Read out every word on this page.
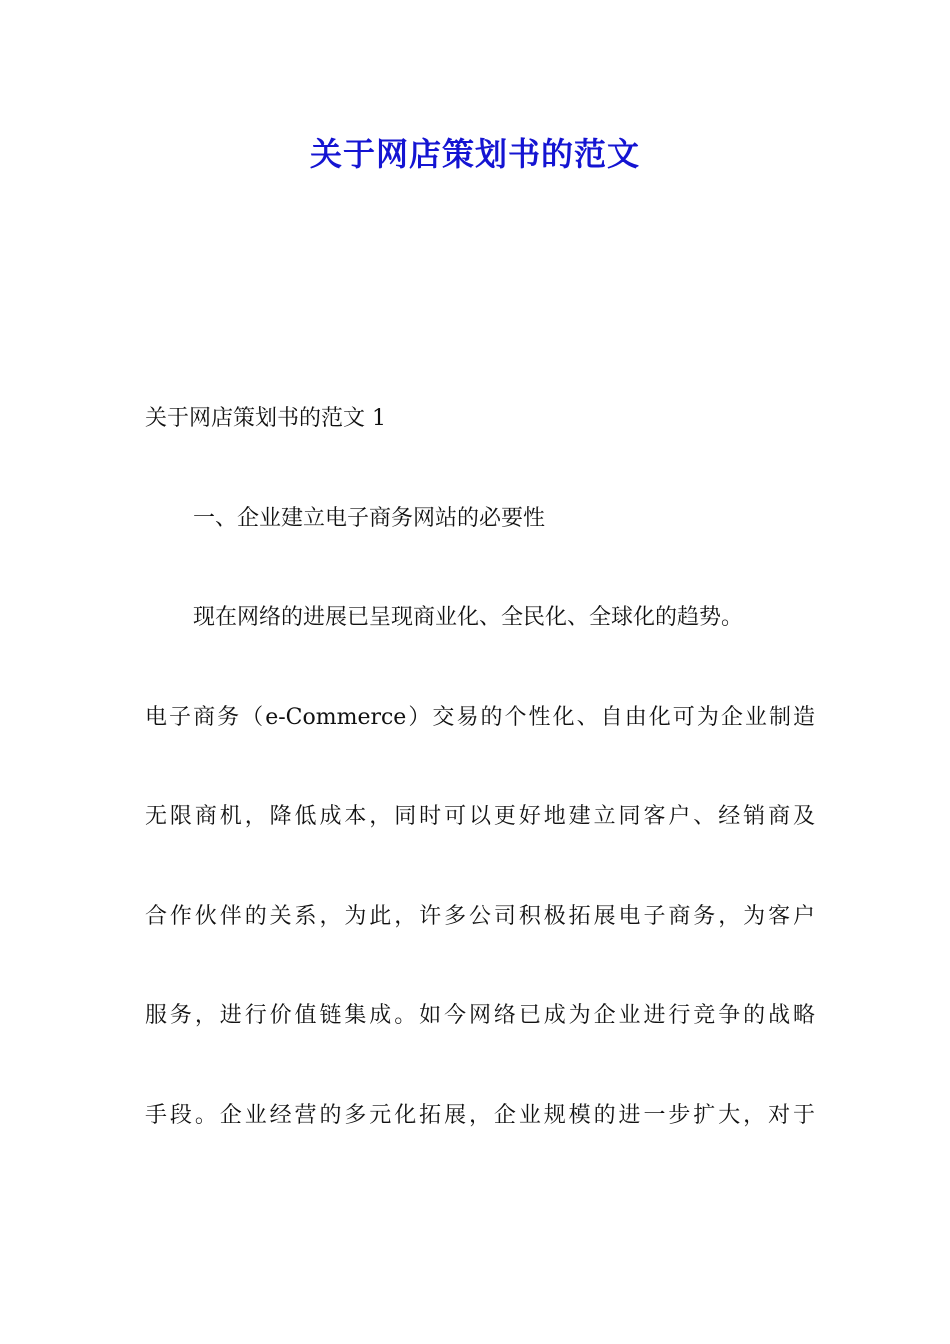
关于网店策划书的范文
关于网店策划书的范文 1
一、企业建立电子商务网站的必要性
现在网络的进展已呈现商业化、全民化、全球化的趋势。
电子商务（e-Commerce）交易的个性化、自由化可为企业制造
无限商机，降低成本，同时可以更好地建立同客户、经销商及
合作伙伴的关系，为此，许多公司积极拓展电子商务，为客户
服务，进行价值链集成。如今网络已成为企业进行竞争的战略
手段。企业经营的多元化拓展，企业规模的进一步扩大，对于
